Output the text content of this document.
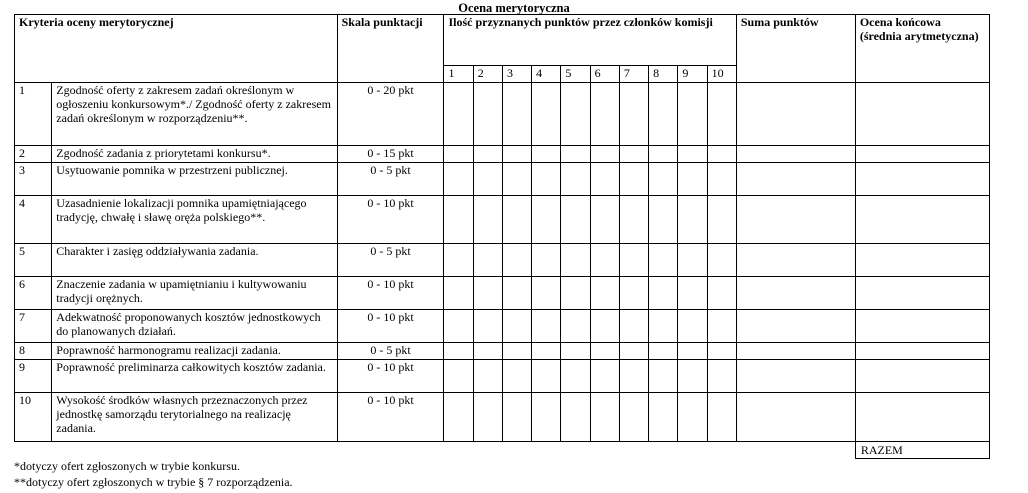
Ocena merytoryczna
Kryteria oceny merytorycznej		Skala punktacji	Ilość przyznanych punktów przez członków komisji										Suma punktów	Ocena końcowa (średnia arytmetyczna)
			1	2	3	4	5	6	7	8	9	10		
1	Zgodność oferty z zakresem zadań określonym w ogłoszeniu konkursowym*./ Zgodność oferty z zakresem zadań określonym w rozporządzeniu**.	0 - 20 pkt												
2	Zgodność zadania z priorytetami konkursu*.	0 - 15 pkt												
3	Usytuowanie pomnika w przestrzeni publicznej.	0 - 5 pkt												
4	Uzasadnienie lokalizacji pomnika upamiętniającego tradycję, chwałę i sławę oręża polskiego**.	0 - 10 pkt												
5	Charakter i zasięg oddziaływania zadania.	0 - 5 pkt												
6	Znaczenie zadania w upamiętnianiu i kultywowaniu tradycji orężnych.	0 - 10 pkt												
7	Adekwatność proponowanych kosztów jednostkowych do planowanych działań.	0 - 10 pkt												
8	Poprawność harmonogramu realizacji zadania.	0 - 5 pkt												
9	Poprawność preliminarza całkowitych kosztów zadania.	0 - 10 pkt												
10	Wysokość środków własnych przeznaczonych przez jednostkę samorządu terytorialnego na realizację zadania.	0 - 10 pkt												
														RAZEM
*dotyczy ofert zgłoszonych w trybie konkursu.
**dotyczy ofert zgłoszonych w trybie § 7 rozporządzenia.
